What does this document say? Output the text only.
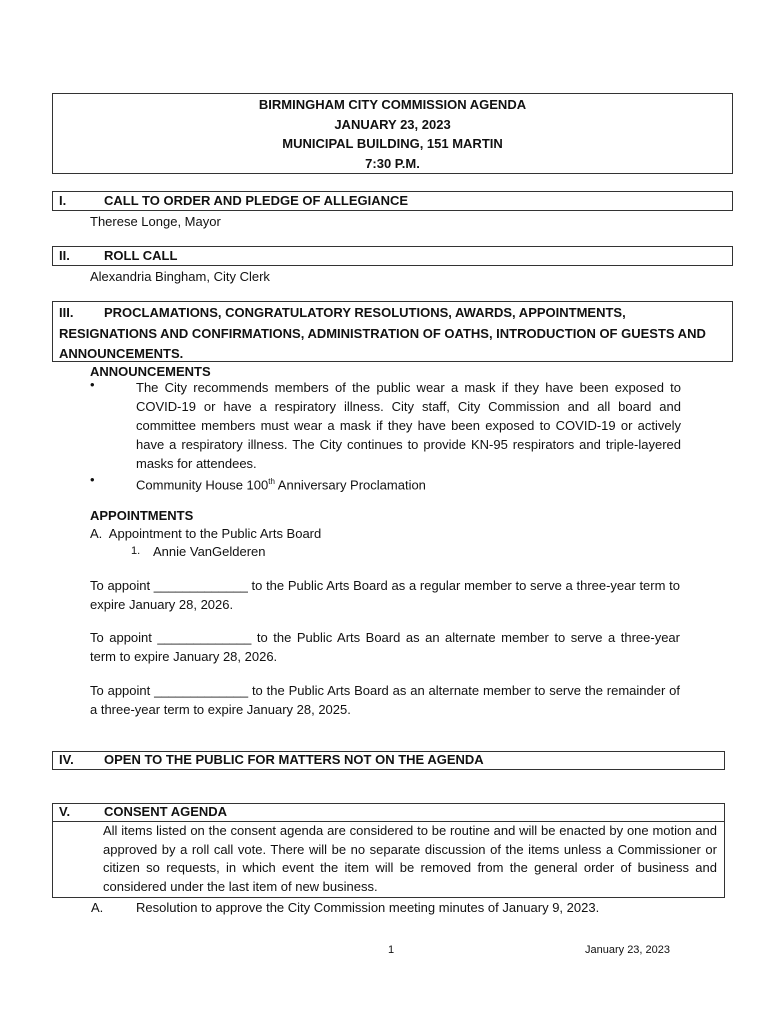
BIRMINGHAM CITY COMMISSION AGENDA
JANUARY 23, 2023
MUNICIPAL BUILDING, 151 MARTIN
7:30 P.M.
I.	CALL TO ORDER AND PLEDGE OF ALLEGIANCE
Therese Longe, Mayor
II.	ROLL CALL
Alexandria Bingham, City Clerk
III. PROCLAMATIONS, CONGRATULATORY RESOLUTIONS, AWARDS, APPOINTMENTS, RESIGNATIONS AND CONFIRMATIONS, ADMINISTRATION OF OATHS, INTRODUCTION OF GUESTS AND ANNOUNCEMENTS.
ANNOUNCEMENTS
•	The City recommends members of the public wear a mask if they have been exposed to COVID-19 or have a respiratory illness. City staff, City Commission and all board and committee members must wear a mask if they have been exposed to COVID-19 or actively have a respiratory illness. The City continues to provide KN-95 respirators and triple-layered masks for attendees.
•	Community House 100th Anniversary Proclamation
APPOINTMENTS
A.  Appointment to the Public Arts Board
1. Annie VanGelderen
To appoint _____________ to the Public Arts Board as a regular member to serve a three-year term to expire January 28, 2026.
To appoint _____________ to the Public Arts Board as an alternate member to serve a three-year term to expire January 28, 2026.
To appoint _____________ to the Public Arts Board as an alternate member to serve the remainder of a three-year term to expire January 28, 2025.
IV. OPEN TO THE PUBLIC FOR MATTERS NOT ON THE AGENDA
V.	CONSENT AGENDA
All items listed on the consent agenda are considered to be routine and will be enacted by one motion and approved by a roll call vote. There will be no separate discussion of the items unless a Commissioner or citizen so requests, in which event the item will be removed from the general order of business and considered under the last item of new business.
A.	Resolution to approve the City Commission meeting minutes of January 9, 2023.
1	January 23, 2023
